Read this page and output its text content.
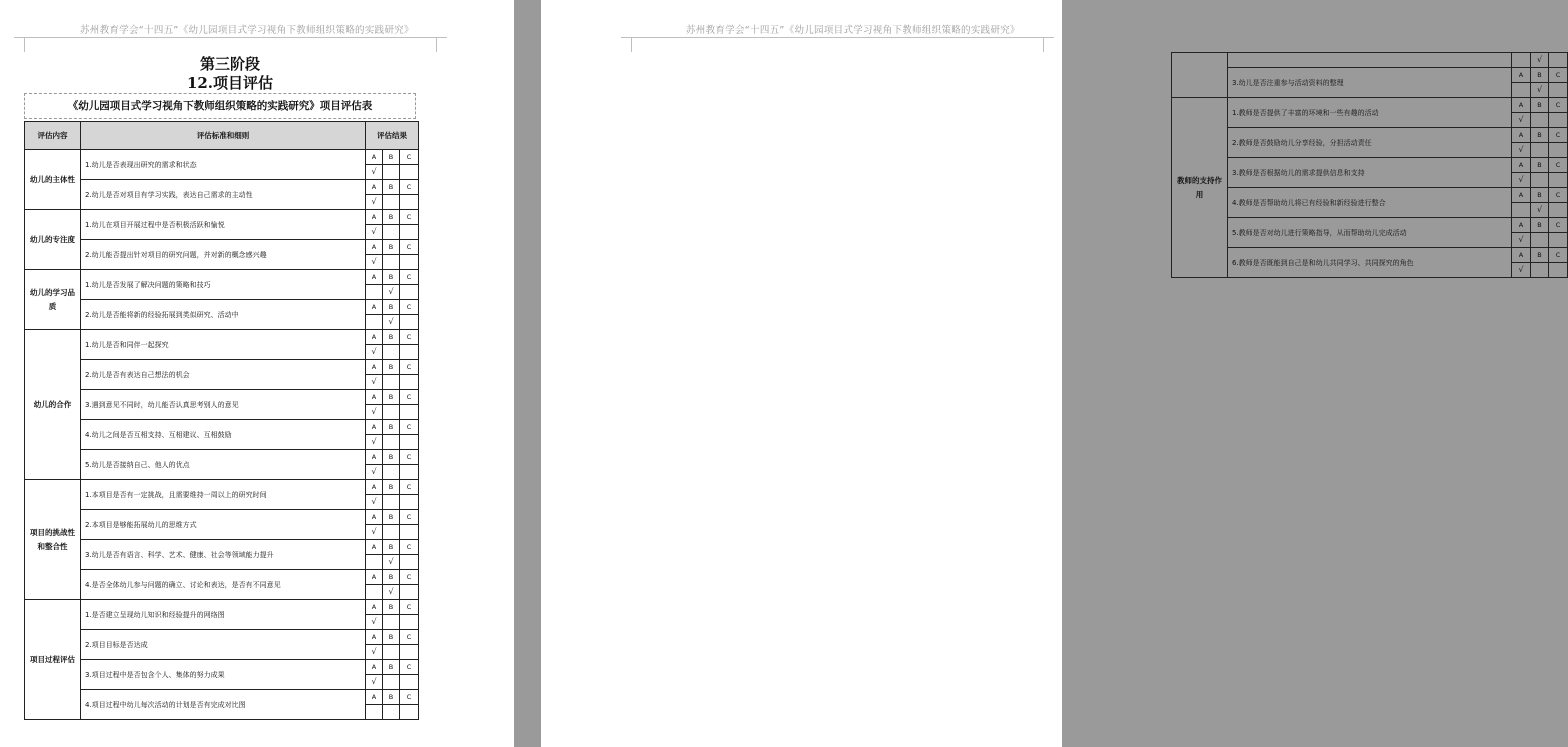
苏州教育学会“十四五”《幼儿园项目式学习视角下教师组织策略的实践研究》
第三阶段
12.项目评估
《幼儿园项目式学习视角下教师组织策略的实践研究》项目评估表
评估内容	评估标准和细则	评估结果		
幼儿的主体性	1.幼儿是否表现出研究的需求和状态	A	B	C
		√		
	2.幼儿是否对项目有学习实践，表达自己需求的主动性	A	B	C
		√		
幼儿的专注度	1.幼儿在项目开展过程中是否积极活跃和愉悦	A	B	C
		√		
	2.幼儿能否提出针对项目的研究问题，并对新的概念感兴趣	A	B	C
		√		
幼儿的学习品质	1.幼儿是否发展了解决问题的策略和技巧	A	B	C
			√	
	2.幼儿是否能将新的经验拓展到类似研究、活动中	A	B	C
			√	
幼儿的合作	1.幼儿是否和同伴一起探究	A	B	C
		√		
	2.幼儿是否有表达自己想法的机会	A	B	C
		√		
	3.遇到意见不同时，幼儿能否认真思考别人的意见	A	B	C
		√		
	4.幼儿之间是否互相支持、互相建议、互相鼓励	A	B	C
		√		
	5.幼儿是否接纳自己、他人的优点	A	B	C
		√		
项目的挑战性和整合性	1.本项目是否有一定挑战，且需要维持一周以上的研究时间	A	B	C
		√		
	2.本项目是够能拓展幼儿的思维方式	A	B	C
		√		
	3.幼儿是否有语言、科学、艺术、健康、社会等领域能力提升	A	B	C
			√	
	4.是否全体幼儿参与问题的确立、讨论和表达，是否有不同意见	A	B	C
			√	
项目过程评估	1.是否建立呈现幼儿知识和经验提升的网络图	A	B	C
		√		
	2.项目目标是否达成	A	B	C
		√		
	3.项目过程中是否包含个人、集体的努力成果	A	B	C
		√		
	4.项目过程中幼儿每次活动的计划是否有完成对比图	A	B	C

苏州教育学会“十四五”《幼儿园项目式学习视角下教师组织策略的实践研究》
			√	
	3.幼儿是否注重参与活动资料的整理	A	B	C
			√	
教师的支持作用	1.教师是否提供了丰富的环境和一些有趣的活动	A	B	C
		√		
	2.教师是否鼓励幼儿分享经验，分担活动责任	A	B	C
		√		
	3.教师是否根据幼儿的需求提供信息和支持	A	B	C
		√		
	4.教师是否帮助幼儿将已有经验和新经验进行整合	A	B	C
			√	
	5.教师是否对幼儿进行策略指导，从而帮助幼儿完成活动	A	B	C
		√		
	6.教师是否既能到自己是和幼儿共同学习、共同探究的角色	A	B	C
		√		
